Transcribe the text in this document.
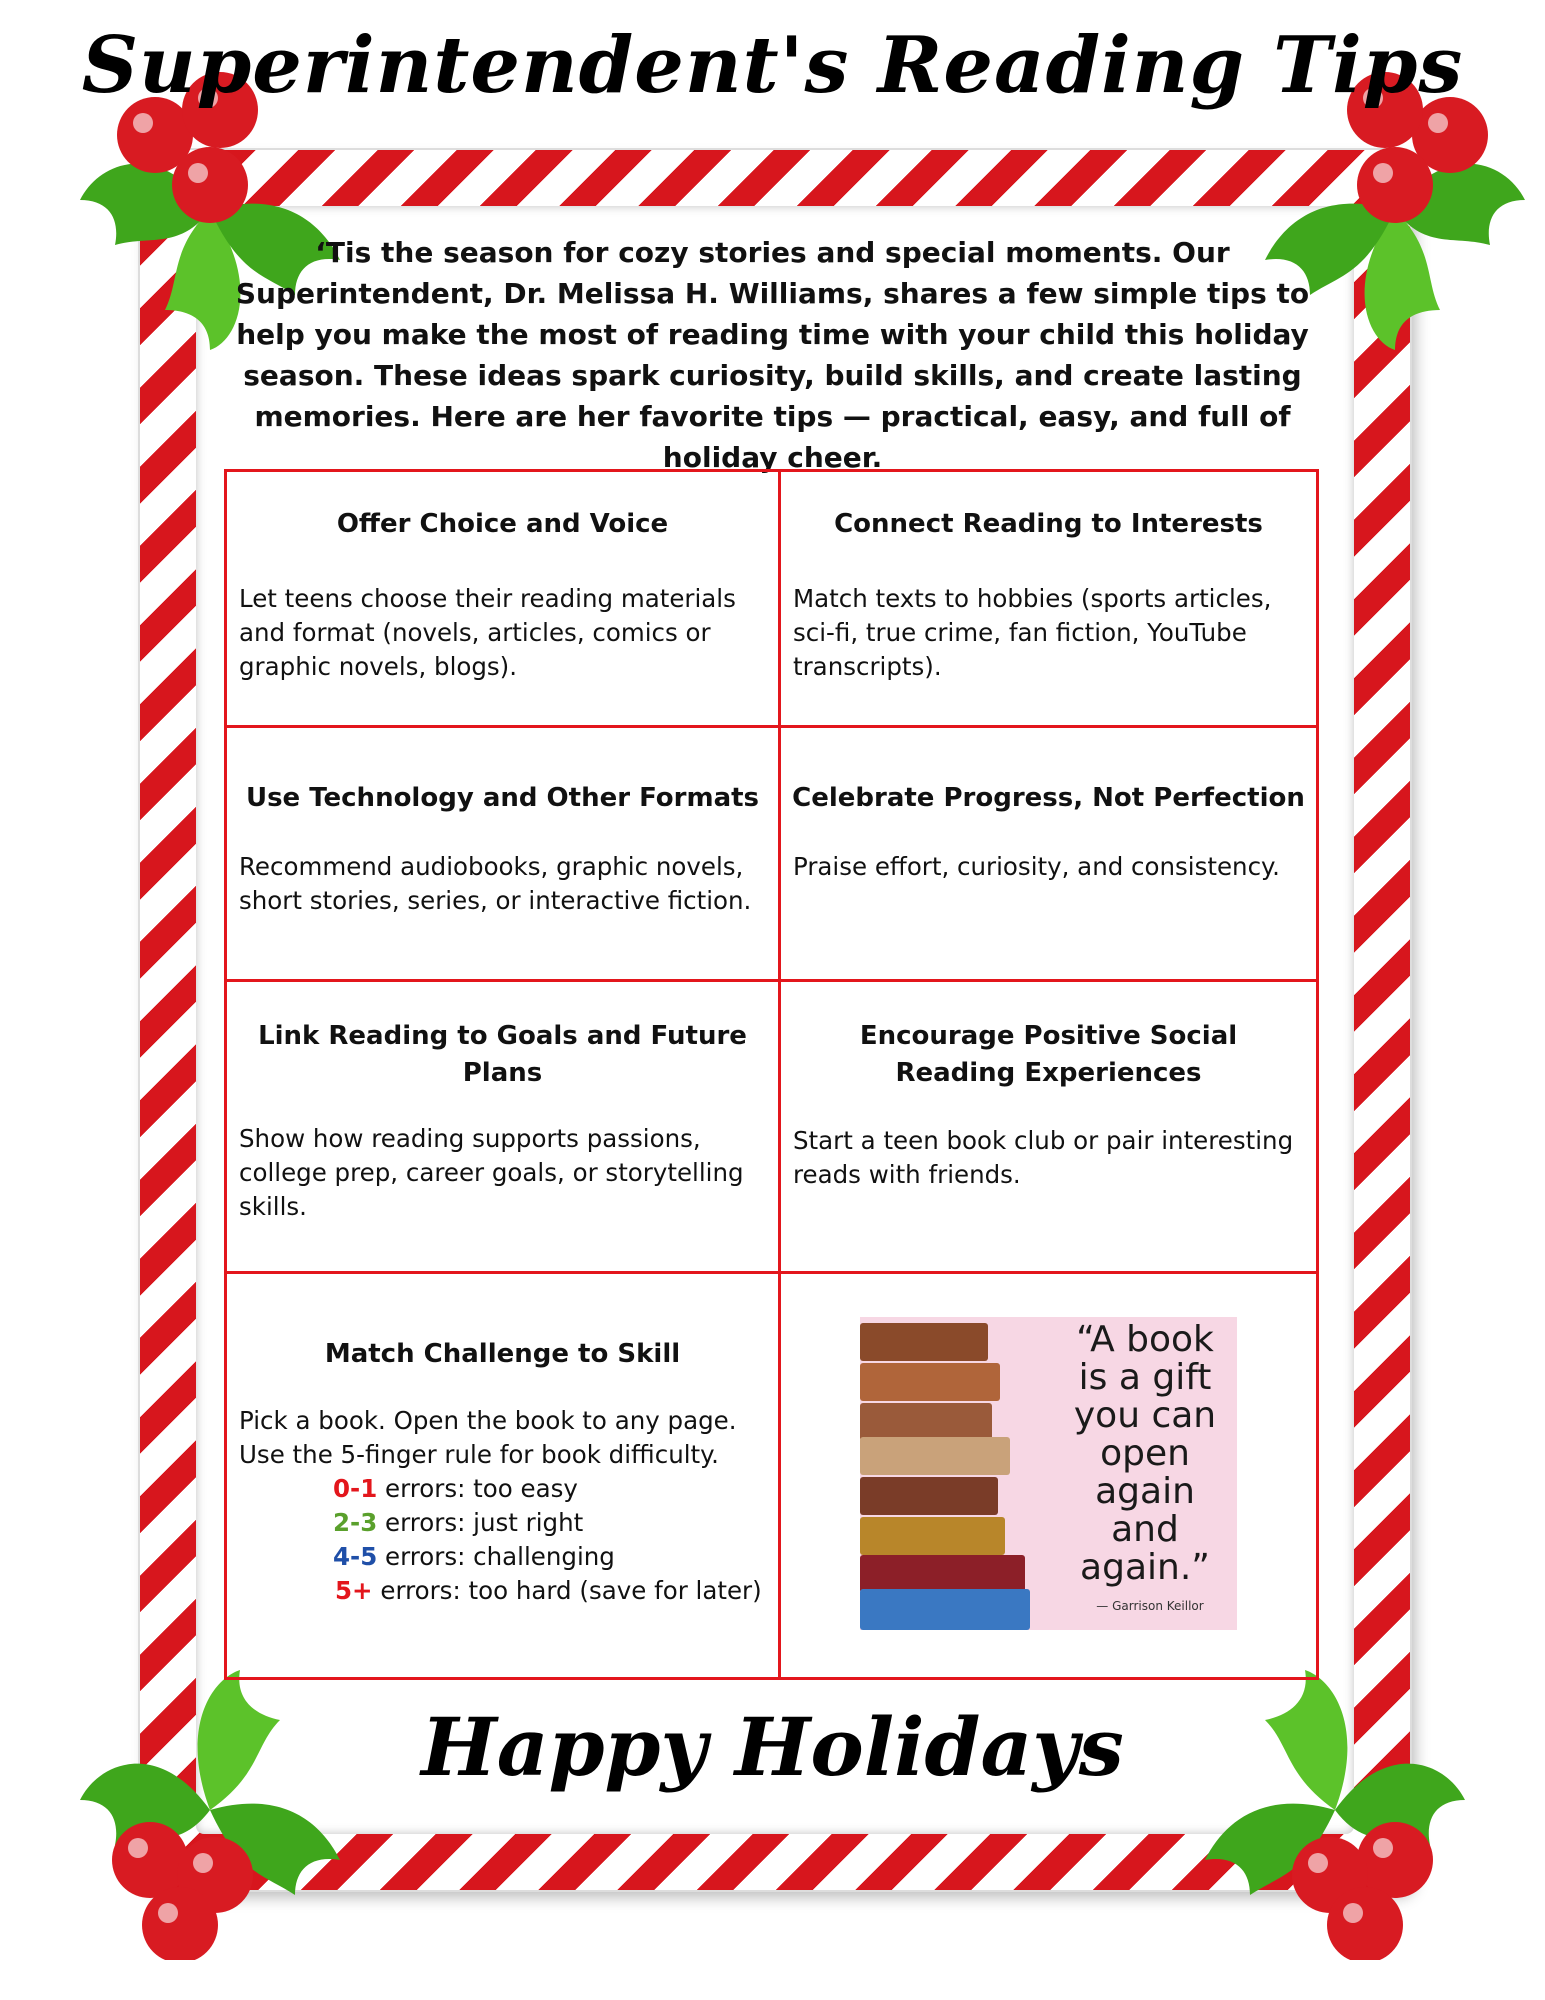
Superintendent's Reading Tips
‘Tis the season for cozy stories and special moments. Our Superintendent, Dr. Melissa H. Williams, shares a few simple tips to help you make the most of reading time with your child this holiday season. These ideas spark curiosity, build skills, and create lasting memories. Here are her favorite tips — practical, easy, and full of holiday cheer.
Offer Choice and Voice

Let teens choose their reading materials and format (novels, articles, comics or graphic novels, blogs).

Connect Reading to Interests

Match texts to hobbies (sports articles, sci-fi, true crime, fan fiction, YouTube transcripts).

Use Technology and Other Formats

Recommend audiobooks, graphic novels, short stories, series, or interactive fiction.

Celebrate Progress, Not Perfection

Praise effort, curiosity, and consistency.

Link Reading to Goals and Future Plans

Show how reading supports passions, college prep, career goals, or storytelling skills.

Encourage Positive Social
Reading Experiences

Start a teen book club or pair interesting reads with friends.

Match Challenge to Skill
Pick a book. Open the book to any page.
Use the 5-finger rule for book difficulty.
0-1 errors: too easy
2-3 errors: just right
4-5 errors: challenging
5+ errors: too hard (save for later)
“A book
is a gift
you can
open
again
and
again.”
— Garrison Keillor
Happy Holidays
